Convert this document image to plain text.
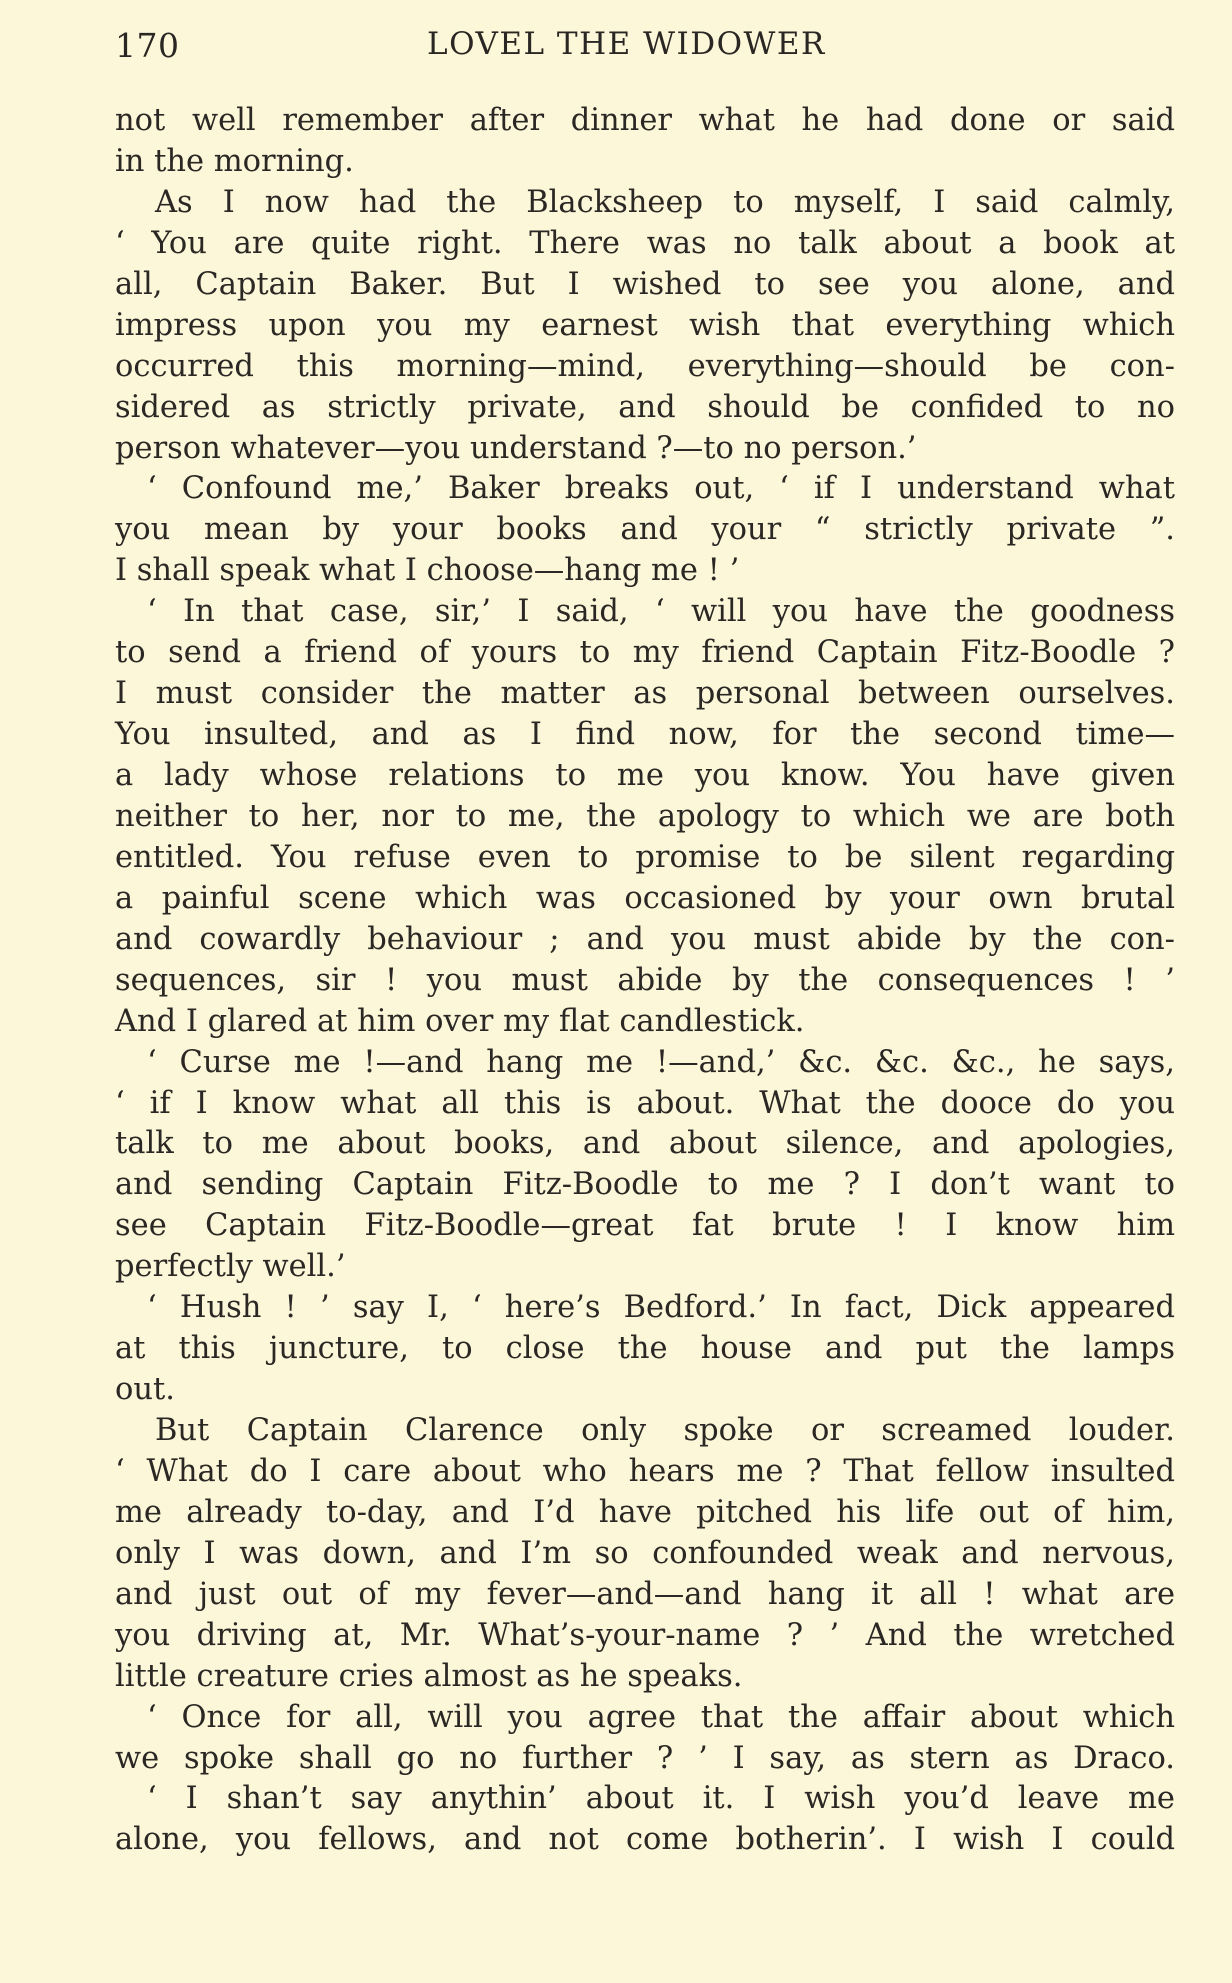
170	LOVEL THE WIDOWER
not well remember after dinner what he had done or said
in the morning.
As I now had the Blacksheep to myself, I said calmly,
‘ You are quite right. There was no talk about a book at
all, Captain Baker. But I wished to see you alone, and
impress upon you my earnest wish that everything which
occurred this morning—mind, everything—should be con-
sidered as strictly private, and should be confided to no
person whatever—you understand ?—to no person.’
‘ Confound me,’ Baker breaks out, ‘ if I understand what
you mean by your books and your “ strictly private ”.
I shall speak what I choose—hang me ! ’
‘ In that case, sir,’ I said, ‘ will you have the goodness
to send a friend of yours to my friend Captain Fitz-Boodle ?
I must consider the matter as personal between ourselves.
You insulted, and as I find now, for the second time—
a lady whose relations to me you know. You have given
neither to her, nor to me, the apology to which we are both
entitled. You refuse even to promise to be silent regarding
a painful scene which was occasioned by your own brutal
and cowardly behaviour ; and you must abide by the con-
sequences, sir ! you must abide by the consequences ! ’
And I glared at him over my flat candlestick.
‘ Curse me !—and hang me !—and,’ &c. &c. &c., he says,
‘ if I know what all this is about. What the dooce do you
talk to me about books, and about silence, and apologies,
and sending Captain Fitz-Boodle to me ? I don’t want to
see Captain Fitz-Boodle—great fat brute ! I know him
perfectly well.’
‘ Hush ! ’ say I, ‘ here’s Bedford.’ In fact, Dick appeared
at this juncture, to close the house and put the lamps
out.
But Captain Clarence only spoke or screamed louder.
‘ What do I care about who hears me ? That fellow insulted
me already to-day, and I’d have pitched his life out of him,
only I was down, and I’m so confounded weak and nervous,
and just out of my fever—and—and hang it all ! what are
you driving at, Mr. What’s-your-name ? ’ And the wretched
little creature cries almost as he speaks.
‘ Once for all, will you agree that the affair about which
we spoke shall go no further ? ’ I say, as stern as Draco.
‘ I shan’t say anythin’ about it. I wish you’d leave me
alone, you fellows, and not come botherin’. I wish I could
